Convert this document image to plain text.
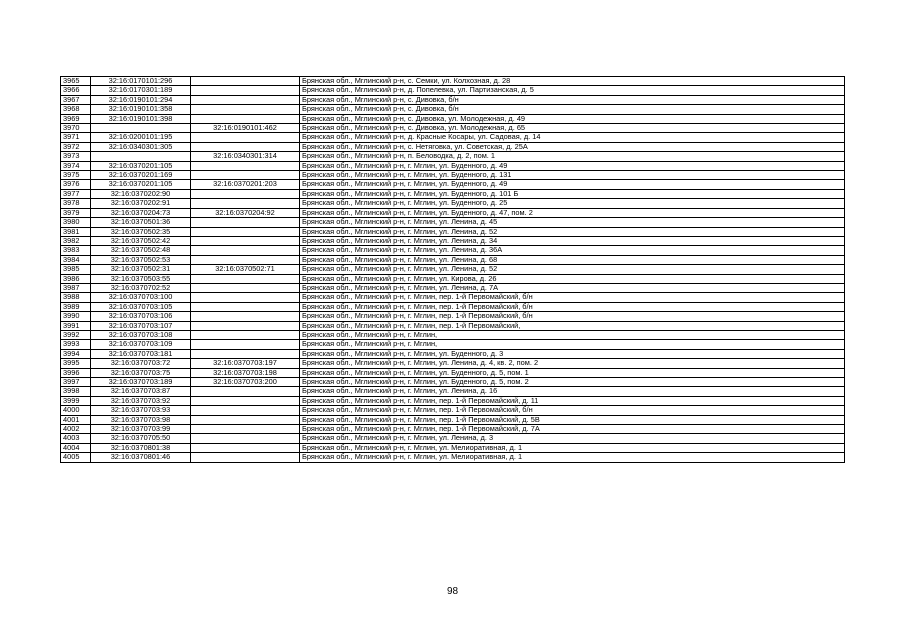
3965	32:16:0170101:296		Брянская обл., Мглинский р-н, с. Семки, ул. Колхозная, д. 28
3966	32:16:0170301:189		Брянская обл., Мглинский р-н, д. Попелевка, ул. Партизанская, д. 5
3967	32:16:0190101:294		Брянская обл., Мглинский р-н, с. Дивовка, б/н
3968	32:16:0190101:358		Брянская обл., Мглинский р-н, с. Дивовка, б/н
3969	32:16:0190101:398		Брянская обл., Мглинский р-н, с. Дивовка, ул. Молодежная, д. 49
3970		32:16:0190101:462	Брянская обл., Мглинский р-н, с. Дивовка, ул. Молодежная, д. 65
3971	32:16:0200101:195		Брянская обл., Мглинский р-н, д. Красные Косары, ул. Садовая, д. 14
3972	32:16:0340301:305		Брянская обл., Мглинский р-н, с. Нетяговка, ул. Советская, д. 25А
3973		32:16:0340301:314	Брянская обл., Мглинский р-н, п. Беловодка, д. 2, пом. 1
3974	32:16:0370201:105		Брянская обл., Мглинский р-н, г. Мглин, ул. Буденного, д. 49
3975	32:16:0370201:169		Брянская обл., Мглинский р-н, г. Мглин, ул. Буденного, д. 131
3976	32:16:0370201:105	32:16:0370201:203	Брянская обл., Мглинский р-н, г. Мглин, ул. Буденного, д. 49
3977	32:16:0370202:90		Брянская обл., Мглинский р-н, г. Мглин, ул. Буденного, д. 101 Б
3978	32:16:0370202:91		Брянская обл., Мглинский р-н, г. Мглин, ул. Буденного, д. 25
3979	32:16:0370204:73	32:16:0370204:92	Брянская обл., Мглинский р-н, г. Мглин, ул. Буденного, д. 47, пом. 2
3980	32:16:0370501:36		Брянская обл., Мглинский р-н, г. Мглин, ул. Ленина, д. 45
3981	32:16:0370502:35		Брянская обл., Мглинский р-н, г. Мглин, ул. Ленина, д. 52
3982	32:16:0370502:42		Брянская обл., Мглинский р-н, г. Мглин, ул. Ленина, д. 34
3983	32:16:0370502:48		Брянская обл., Мглинский р-н, г. Мглин, ул. Ленина, д. 36А
3984	32:16:0370502:53		Брянская обл., Мглинский р-н, г. Мглин, ул. Ленина, д. 68
3985	32:16:0370502:31	32:16:0370502:71	Брянская обл., Мглинский р-н, г. Мглин, ул. Ленина, д. 52
3986	32:16:0370503:55		Брянская обл., Мглинский р-н, г. Мглин, ул. Кирова, д. 26
3987	32:16:0370702:52		Брянская обл., Мглинский р-н, г. Мглин, ул. Ленина, д. 7А
3988	32:16:0370703:100		Брянская обл., Мглинский р-н, г. Мглин, пер. 1-й Первомайский, б/н
3989	32:16:0370703:105		Брянская обл., Мглинский р-н, г. Мглин, пер. 1-й Первомайский, б/н
3990	32:16:0370703:106		Брянская обл., Мглинский р-н, г. Мглин, пер. 1-й Первомайский, б/н
3991	32:16:0370703:107		Брянская обл., Мглинский р-н, г. Мглин, пер. 1-й Первомайский,
3992	32:16:0370703:108		Брянская обл., Мглинский р-н, г. Мглин,
3993	32:16:0370703:109		Брянская обл., Мглинский р-н, г. Мглин,
3994	32:16:0370703:181		Брянская обл., Мглинский р-н, г. Мглин, ул. Буденного, д. 3
3995	32:16:0370703:72	32:16:0370703:197	Брянская обл., Мглинский р-н, г. Мглин, ул. Ленина, д. 4, кв. 2, пом. 2
3996	32:16:0370703:75	32:16:0370703:198	Брянская обл., Мглинский р-н, г. Мглин, ул. Буденного, д. 5, пом. 1
3997	32:16:0370703:189	32:16:0370703:200	Брянская обл., Мглинский р-н, г. Мглин, ул. Буденного, д. 5, пом. 2
3998	32:16:0370703:87		Брянская обл., Мглинский р-н, г. Мглин, ул. Ленина, д. 16
3999	32:16:0370703:92		Брянская обл., Мглинский р-н, г. Мглин, пер. 1-й Первомайский, д. 11
4000	32:16:0370703:93		Брянская обл., Мглинский р-н, г. Мглин, пер. 1-й Первомайский, б/н
4001	32:16:0370703:98		Брянская обл., Мглинский р-н, г. Мглин, пер. 1-й Первомайский, д. 5В
4002	32:16:0370703:99		Брянская обл., Мглинский р-н, г. Мглин, пер. 1-й Первомайский, д. 7А
4003	32:16:0370705:50		Брянская обл., Мглинский р-н, г. Мглин, ул. Ленина, д. 3
4004	32:16:0370801:38		Брянская обл., Мглинский р-н, г. Мглин, ул. Мелиоративная, д. 1
4005	32:16:0370801:46		Брянская обл., Мглинский р-н, г. Мглин, ул. Мелиоративная, д. 1
98
